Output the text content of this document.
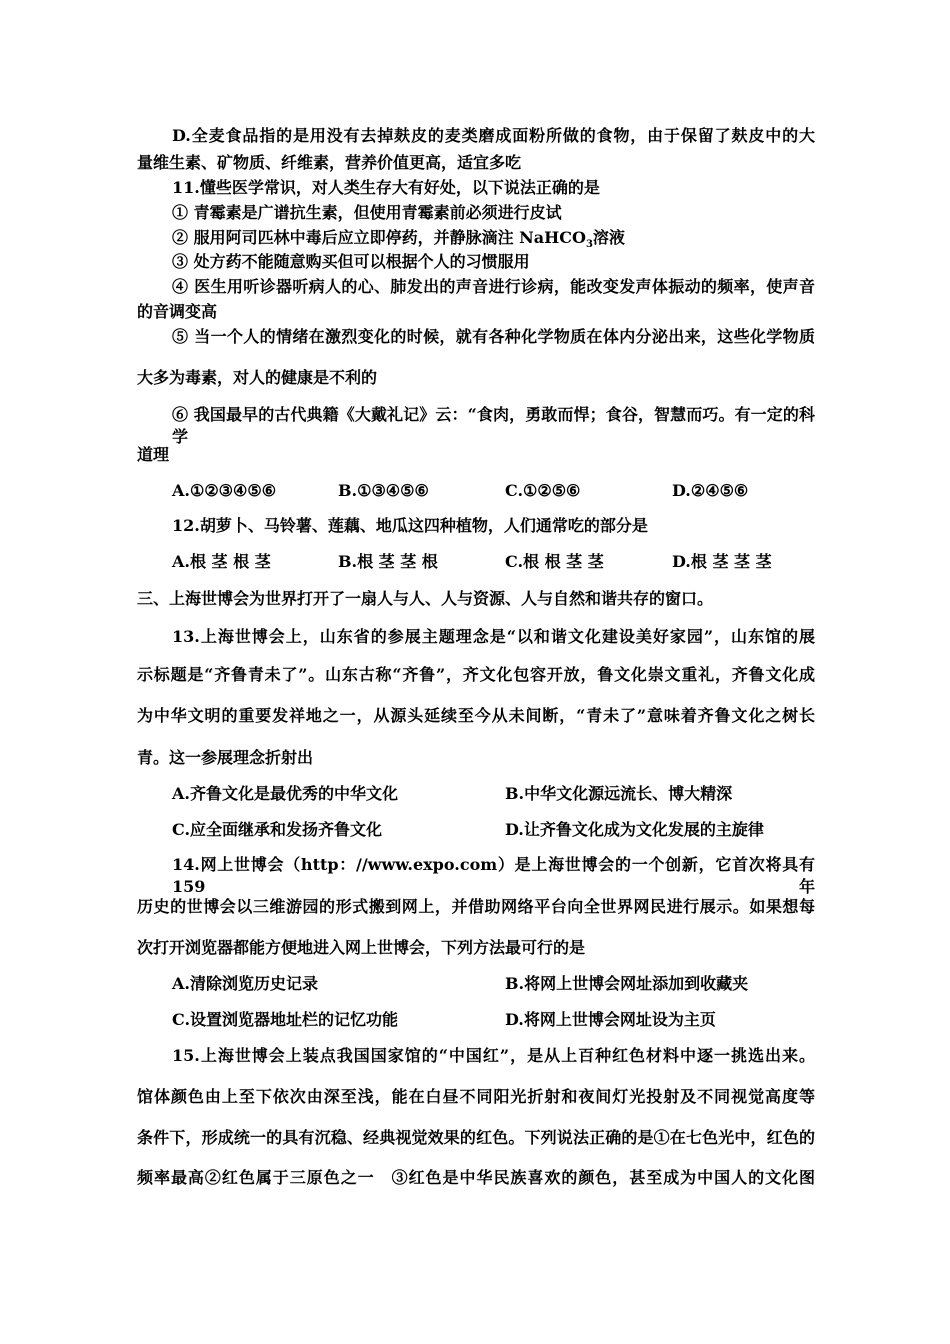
D.全麦食品指的是用没有去掉麸皮的麦类磨成面粉所做的食物，由于保留了麸皮中的大
量维生素、矿物质、纤维素，营养价值更高，适宜多吃
11.懂些医学常识，对人类生存大有好处，以下说法正确的是
① 青霉素是广谱抗生素，但使用青霉素前必须进行皮试
② 服用阿司匹林中毒后应立即停药，并静脉滴注 NaHCO$_3$溶液
③ 处方药不能随意购买但可以根据个人的习惯服用
④ 医生用听诊器听病人的心、肺发出的声音进行诊病，能改变发声体振动的频率，使声音
的音调变高
⑤ 当一个人的情绪在激烈变化的时候，就有各种化学物质在体内分泌出来，这些化学物质
大多为毒素，对人的健康是不利的
⑥ 我国最早的古代典籍《大戴礼记》云：“食肉，勇敢而悍；食谷，智慧而巧。有一定的科学
道理
A.①②③④⑤⑥	B.①③④⑤⑥	C.①②⑤⑥	D.②④⑤⑥
12.胡萝卜、马铃薯、莲藕、地瓜这四种植物，人们通常吃的部分是
A.根 茎 根 茎	B.根 茎 茎 根	C.根 根 茎 茎	D.根 茎 茎 茎
三、上海世博会为世界打开了一扇人与人、人与资源、人与自然和谐共存的窗口。
13.上海世博会上，山东省的参展主题理念是“以和谐文化建设美好家园”，山东馆的展
示标题是“齐鲁青未了”。山东古称“齐鲁”，齐文化包容开放，鲁文化崇文重礼，齐鲁文化成
为中华文明的重要发祥地之一，从源头延续至今从未间断，“青未了”意味着齐鲁文化之树长
青。这一参展理念折射出
A.齐鲁文化是最优秀的中华文化	B.中华文化源远流长、博大精深
C.应全面继承和发扬齐鲁文化	D.让齐鲁文化成为文化发展的主旋律
14.网上世博会（http：//www.expo.com）是上海世博会的一个创新，它首次将具有 159 年
历史的世博会以三维游园的形式搬到网上，并借助网络平台向全世界网民进行展示。如果想每
次打开浏览器都能方便地进入网上世博会，下列方法最可行的是
A.清除浏览历史记录	B.将网上世博会网址添加到收藏夹
C.设置浏览器地址栏的记忆功能	D.将网上世博会网址设为主页
15.上海世博会上装点我国国家馆的“中国红”，是从上百种红色材料中逐一挑选出来。
馆体颜色由上至下依次由深至浅，能在白昼不同阳光折射和夜间灯光投射及不同视觉高度等
条件下，形成统一的具有沉稳、经典视觉效果的红色。下列说法正确的是①在七色光中，红色的
频率最高②红色属于三原色之一　③红色是中华民族喜欢的颜色，甚至成为中国人的文化图
